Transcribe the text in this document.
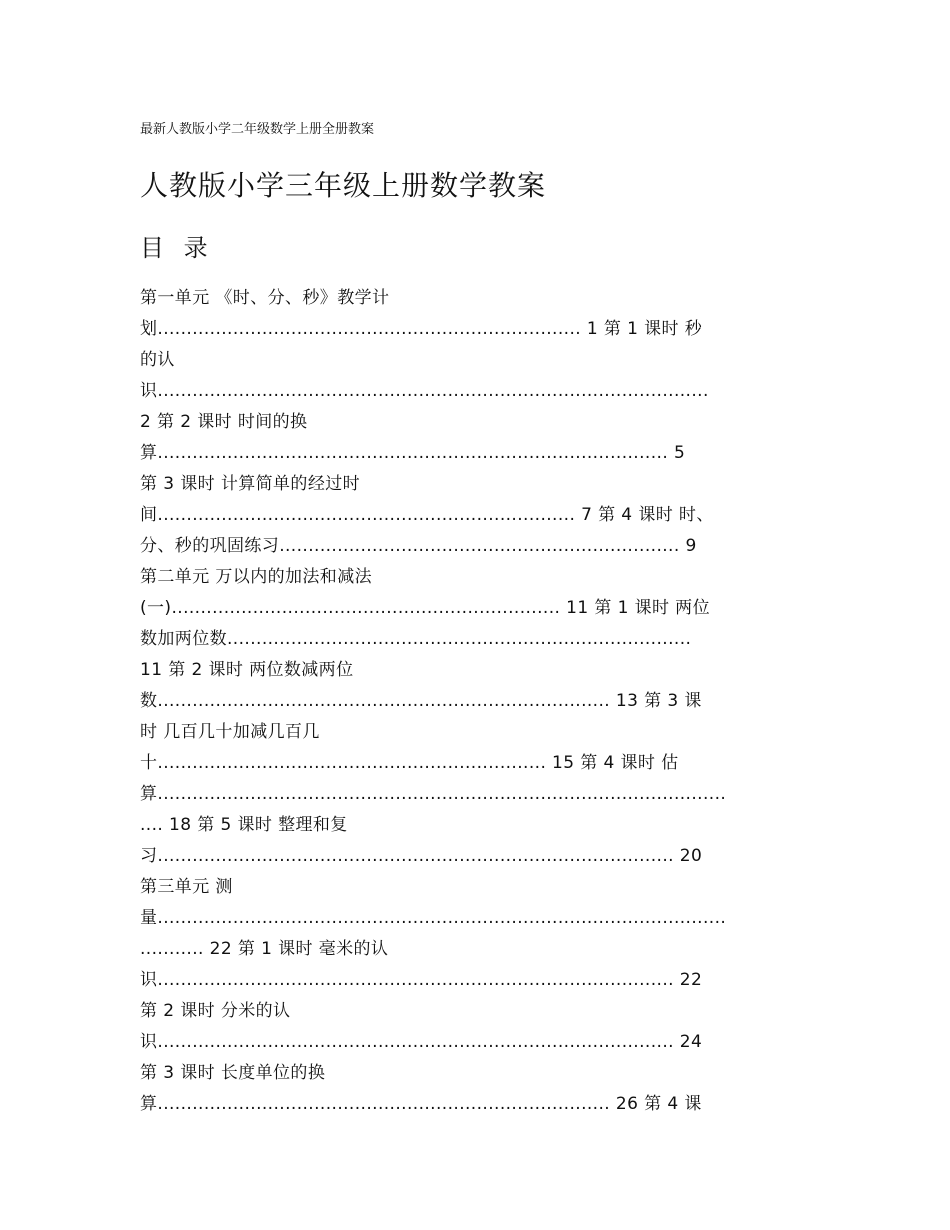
最新人教版小学二年级数学上册全册教案
人教版小学三年级上册数学教案
目 录
第一单元 《时、分、秒》教学计
划......................................................................... 1 第 1 课时 秒
的认
识...............................................................................................
2 第 2 课时 时间的换
算........................................................................................ 5
第 3 课时 计算简单的经过时
间........................................................................ 7 第 4 课时 时、
分、秒的巩固练习..................................................................... 9
第二单元 万以内的加法和减法
(一)................................................................... 11 第 1 课时 两位
数加两位数................................................................................
11 第 2 课时 两位数减两位
数.............................................................................. 13 第 3 课
时 几百几十加减几百几
十................................................................... 15 第 4 课时 估
算..................................................................................................
.... 18 第 5 课时 整理和复
习......................................................................................... 20
第三单元 测
量..................................................................................................
........... 22 第 1 课时 毫米的认
识......................................................................................... 22
第 2 课时 分米的认
识......................................................................................... 24
第 3 课时 长度单位的换
算.............................................................................. 26 第 4 课
